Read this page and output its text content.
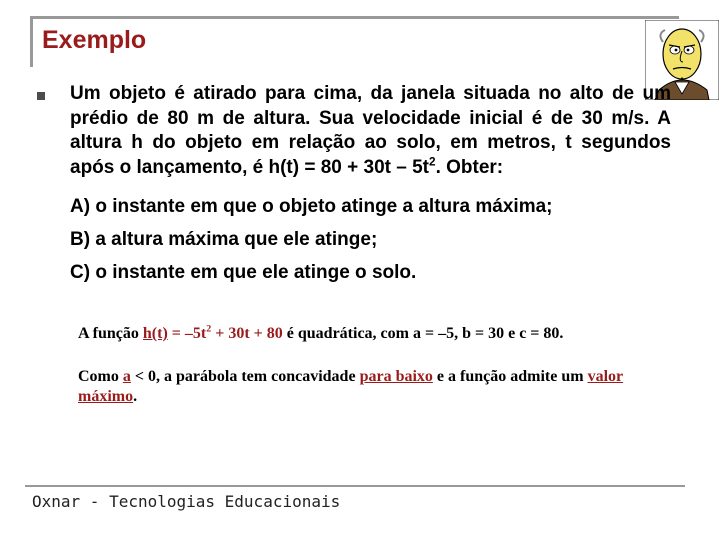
Exemplo

Um objeto é atirado para cima, da janela situada no alto de um prédio de 80 m de altura. Sua velocidade inicial é de 30 m/s. A altura h do objeto em relação ao solo, em metros, t segundos após o lançamento, é $h(t) = 80 + 30t - 5t^2$. Obter:

A) o instante em que o objeto atinge a altura máxima;
B) a altura máxima que ele atinge;
C) o instante em que ele atinge o solo.

A função $h(t) = -5t^2 + 30t + 80$ é quadrática, com a = –5, b = 30 e c = 80.

Como a < 0, a parábola tem concavidade para baixo e a função admite um valor máximo.

Oxnar - Tecnologias Educacionais
